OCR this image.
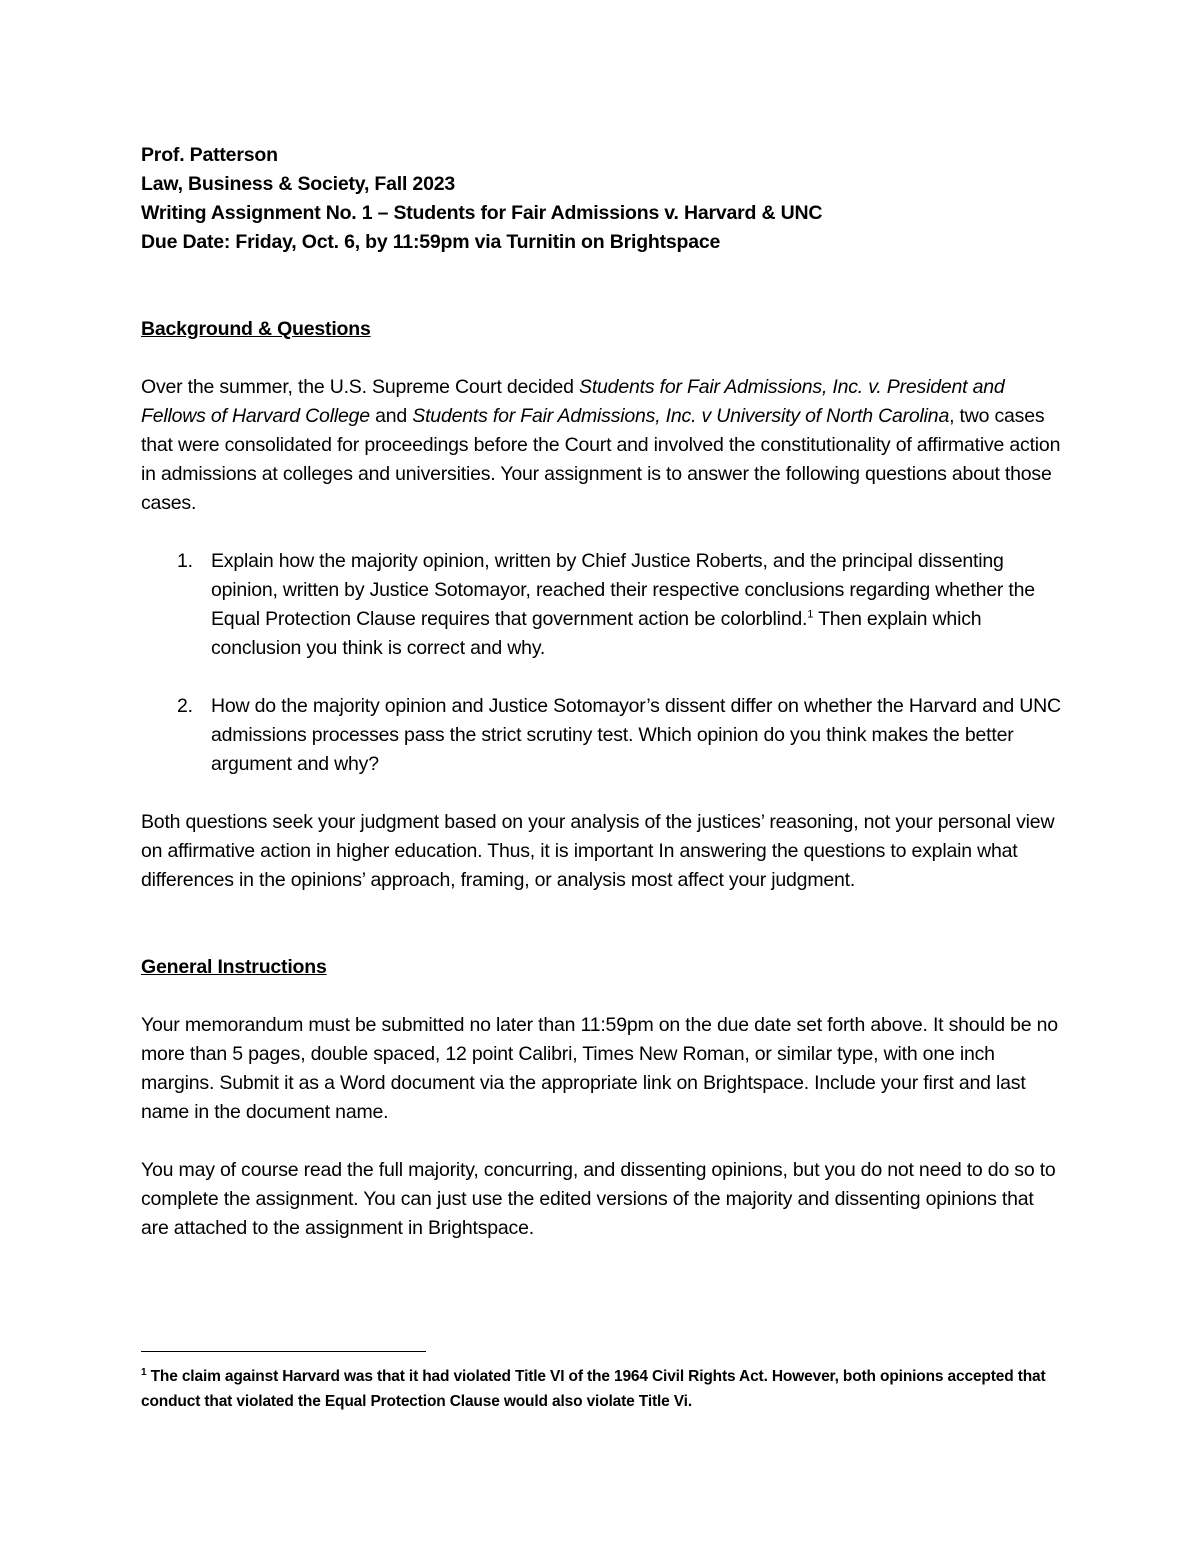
Prof. Patterson
Law, Business & Society, Fall 2023
Writing Assignment No. 1 – Students for Fair Admissions v. Harvard & UNC
Due Date: Friday, Oct. 6, by 11:59pm via Turnitin on Brightspace
Background & Questions

Over the summer, the U.S. Supreme Court decided Students for Fair Admissions, Inc. v. President and Fellows of Harvard College and Students for Fair Admissions, Inc. v University of North Carolina, two cases that were consolidated for proceedings before the Court and involved the constitutionality of affirmative action in admissions at colleges and universities. Your assignment is to answer the following questions about those cases.

1. Explain how the majority opinion, written by Chief Justice Roberts, and the principal dissenting opinion, written by Justice Sotomayor, reached their respective conclusions regarding whether the Equal Protection Clause requires that government action be colorblind.$^1$ Then explain which conclusion you think is correct and why.
2. How do the majority opinion and Justice Sotomayor’s dissent differ on whether the Harvard and UNC admissions processes pass the strict scrutiny test. Which opinion do you think makes the better argument and why?

Both questions seek your judgment based on your analysis of the justices’ reasoning, not your personal view on affirmative action in higher education. Thus, it is important In answering the questions to explain what differences in the opinions’ approach, framing, or analysis most affect your judgment.

General Instructions

Your memorandum must be submitted no later than 11:59pm on the due date set forth above. It should be no more than 5 pages, double spaced, 12 point Calibri, Times New Roman, or similar type, with one inch margins. Submit it as a Word document via the appropriate link on Brightspace. Include your first and last name in the document name.

You may of course read the full majority, concurring, and dissenting opinions, but you do not need to do so to complete the assignment. You can just use the edited versions of the majority and dissenting opinions that are attached to the assignment in Brightspace.

$^1$ The claim against Harvard was that it had violated Title VI of the 1964 Civil Rights Act. However, both opinions accepted that conduct that violated the Equal Protection Clause would also violate Title Vi.
